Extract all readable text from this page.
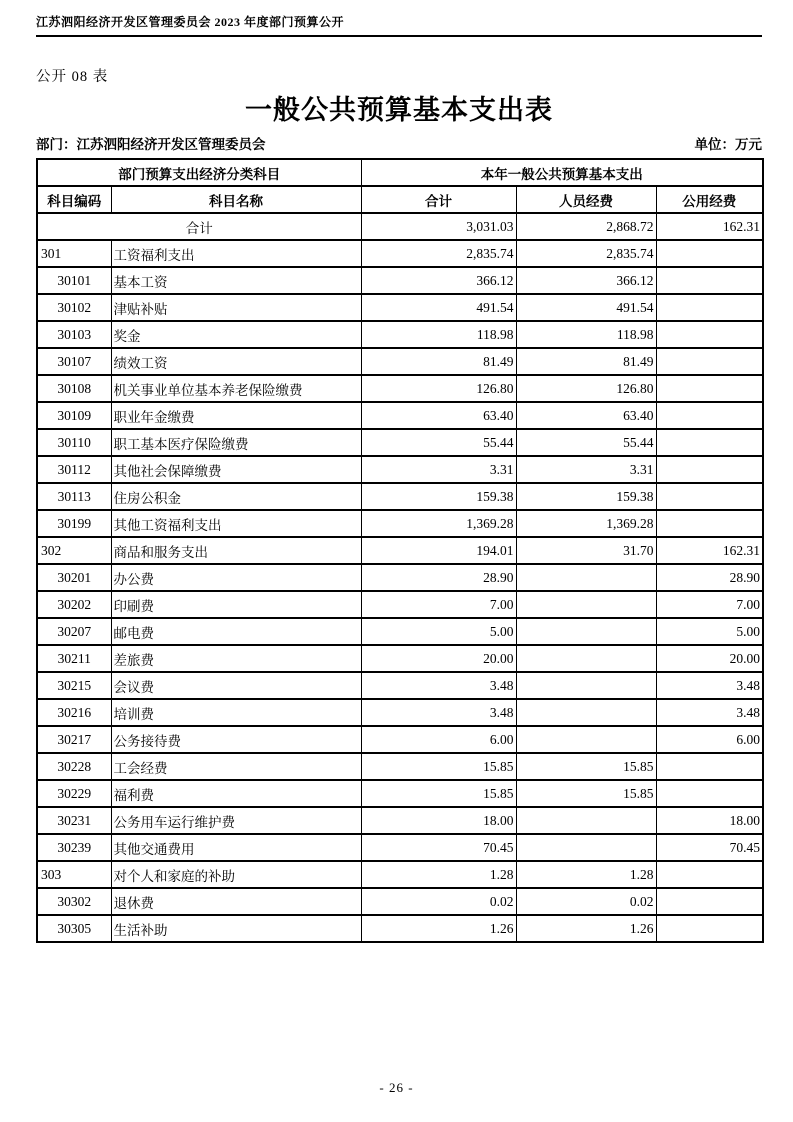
江苏泗阳经济开发区管理委员会 2023 年度部门预算公开
公开 08 表
一般公共预算基本支出表
部门：江苏泗阳经济开发区管理委员会	单位：万元
部门预算支出经济分类科目		本年一般公共预算基本支出		
科目编码	科目名称	合计	人员经费	公用经费
合计		3,031.03	2,868.72	162.31
301	工资福利支出	2,835.74	2,835.74	
30101	基本工资	366.12	366.12	
30102	津贴补贴	491.54	491.54	
30103	奖金	118.98	118.98	
30107	绩效工资	81.49	81.49	
30108	机关事业单位基本养老保险缴费	126.80	126.80	
30109	职业年金缴费	63.40	63.40	
30110	职工基本医疗保险缴费	55.44	55.44	
30112	其他社会保障缴费	3.31	3.31	
30113	住房公积金	159.38	159.38	
30199	其他工资福利支出	1,369.28	1,369.28	
302	商品和服务支出	194.01	31.70	162.31
30201	办公费	28.90		28.90
30202	印刷费	7.00		7.00
30207	邮电费	5.00		5.00
30211	差旅费	20.00		20.00
30215	会议费	3.48		3.48
30216	培训费	3.48		3.48
30217	公务接待费	6.00		6.00
30228	工会经费	15.85	15.85	
30229	福利费	15.85	15.85	
30231	公务用车运行维护费	18.00		18.00
30239	其他交通费用	70.45		70.45
303	对个人和家庭的补助	1.28	1.28	
30302	退休费	0.02	0.02	
30305	生活补助	1.26	1.26	
- 26 -
